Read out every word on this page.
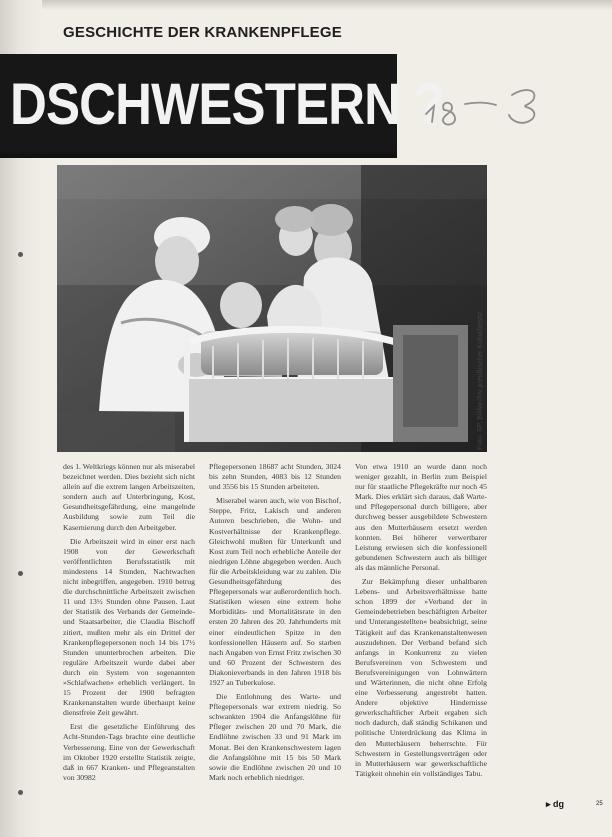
GESCHICHTE DER KRANKENPFLEGE
DSCHWESTERN ?
Foto: SP, Bildarchiv preußischer Kulturbesitz

des 1. Weltkriegs können nur als miserabel bezeichnet werden. Dies bezieht sich nicht allein auf die extrem langen Arbeitszeiten, sondern auch auf Unterbringung, Kost, Gesundheitsgefährdung, eine mangelnde Ausbildung sowie zum Teil die Kasernierung durch den Arbeitgeber.

Die Arbeitszeit wird in einer erst nach 1908 von der Gewerkschaft veröffentlichten Berufsstatistik mit mindestens 14 Stunden, Nachtwachen nicht inbegriffen, angegeben. 1910 betrug die durchschnittliche Arbeitszeit zwischen 11 und 13½ Stunden ohne Pausen. Laut der Statistik des Verbands der Gemeinde- und Staatsarbeiter, die Claudia Bischoff zitiert, mußten mehr als ein Drittel der Krankenpflegepersonen noch 14 bis 17½ Stunden ununterbrochen arbeiten. Die reguläre Arbeitszeit wurde dabei aber durch ein System von sogenannten »Schlafwachen« erheblich verlängert. In 15 Prozent der 1900 befragten Krankenanstalten wurde überhaupt keine dienstfreie Zeit gewährt.

Erst die gesetzliche Einführung des Acht-Stunden-Tags brachte eine deutliche Verbesserung. Eine von der Gewerkschaft im Oktober 1920 erstellte Statistik zeigte, daß in 667 Kranken- und Pflegeanstalten von 30982

Pflegepersonen 18687 acht Stunden, 3024 bis zehn Stunden, 4083 bis 12 Stunden und 3556 bis 15 Stunden arbeiteten.

Miserabel waren auch, wie von Bischof, Steppe, Fritz, Lakisch und anderen Autoren beschrieben, die Wohn- und Kostverhältnisse der Krankenpflege. Gleichwohl mußten für Unterkunft und Kost zum Teil noch erhebliche Anteile der niedrigen Löhne abgegeben werden. Auch für die Arbeitskleidung war zu zahlen. Die Gesundheitsgefährdung des Pflegepersonals war außerordentlich hoch. Statistiken wiesen eine extrem hohe Morbiditäts- und Mortalitätsrate in den ersten 20 Jahren des 20. Jahrhunderts mit einer eindeutlichen Spitze in den konfessionellen Häusern auf. So starben nach Angaben von Ernst Fritz zwischen 30 und 60 Prozent der Schwestern des Diakonieverbands in den Jahren 1918 bis 1927 an Tuberkulose.

Die Entlohnung des Warte- und Pflegepersonals war extrem niedrig. So schwankten 1904 die Anfangslöhne für Pfleger zwischen 20 und 70 Mark, die Endlöhne zwischen 33 und 91 Mark im Monat. Bei den Krankenschwestern lagen die Anfangslöhne mit 15 bis 50 Mark sowie die Endlöhne zwischen 20 und 10 Mark noch erheblich niedriger.

Von etwa 1910 an wurde dann noch weniger gezahlt, in Berlin zum Beispiel nur für staatliche Pflegekräfte nur noch 45 Mark. Dies erklärt sich daraus, daß Warte- und Pflegepersonal durch billigere, aber durchweg besser ausgebildete Schwestern aus den Mutterhäusern ersetzt werden konnten. Bei höherer verwertbarer Leistung erwiesen sich die konfessionell gebundenen Schwestern auch als billiger als das männliche Personal.

Zur Bekämpfung dieser unhaltbaren Lebens- und Arbeitsverhältnisse hatte schon 1899 der »Verband der in Gemeindebetrieben beschäftigten Arbeiter und Unterangestellten« beabsichtigt, seine Tätigkeit auf das Krankenanstaltenwesen auszudehnen. Der Verband befand sich anfangs in Konkurrenz zu vielen Berufsvereinen von Schwestern und Berufsvereinigungen von Lohnwärtern und Wärterinnen, die nicht ohne Erfolg eine Verbesserung angestrebt hatten. Andere objektive Hindernisse gewerkschaftlicher Arbeit ergaben sich noch dadurch, daß ständig Schikanen und politische Unterdrückung das Klima in den Mutterhäusern beherrschte. Für Schwestern in Gestellungsverträgen oder in Mutterhäusern war gewerkschaftliche Tätigkeit ohnehin ein vollständiges Tabu.

▸ dg	25
